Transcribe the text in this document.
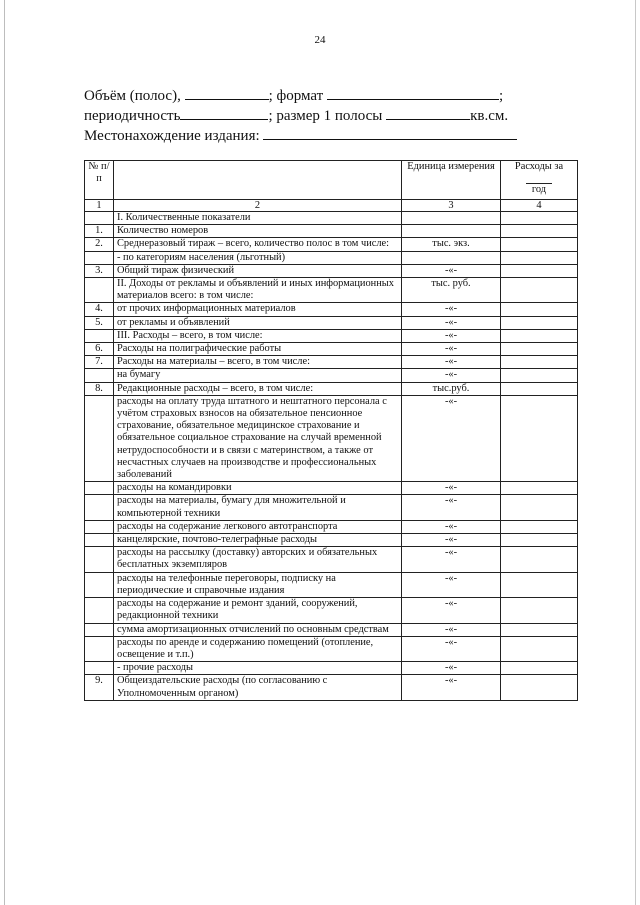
24
Объём (полос),	; формат	;
периодичность	; размер 1 полосы	кв.см.
Местонахождение издания:
№ п/п		Единица измерения	Расходы за
год
1	2	3	4
	I. Количественные показатели		
1.	Количество номеров		
2.	Среднеразовый тираж – всего, количество полос в том числе:	тыс. экз.	
	- по категориям населения (льготный)		
3.	Общий тираж физический	-«-	
	II. Доходы от рекламы и объявлений и иных информационных материалов всего: в том числе:	тыс. руб.	
4.	от прочих информационных материалов	-«-	
5.	от рекламы и объявлений	-«-	
	III. Расходы – всего, в том числе:	-«-	
6.	Расходы на полиграфические работы	-«-	
7.	Расходы на материалы – всего, в том числе:	-«-	
	на бумагу	-«-	
8.	Редакционные расходы – всего, в том числе:	тыс.руб.	
	расходы на оплату труда штатного и нештатного персонала с учётом страховых взносов на обязательное пенсионное страхование, обязательное медицинское страхование и обязательное социальное страхование на случай временной нетрудоспособности и в связи с материнством, а также от несчастных случаев на производстве и профессиональных заболеваний	-«-	
	расходы на командировки	-«-	
	расходы на материалы, бумагу для множительной и компьютерной техники	-«-	
	расходы на содержание легкового автотранспорта	-«-	
	канцелярские, почтово-телеграфные расходы	-«-	
	расходы на рассылку (доставку) авторских и обязательных бесплатных экземпляров	-«-	
	расходы на телефонные переговоры, подписку на периодические и справочные издания	-«-	
	расходы на содержание и ремонт зданий, сооружений, редакционной техники	-«-	
	сумма амортизационных отчислений по основным средствам	-«-	
	расходы по аренде и содержанию помещений (отопление, освещение и т.п.)	-«-	
	- прочие расходы	-«-	
9.	Общеиздательские расходы (по согласованию с Уполномоченным органом)	-«-	
